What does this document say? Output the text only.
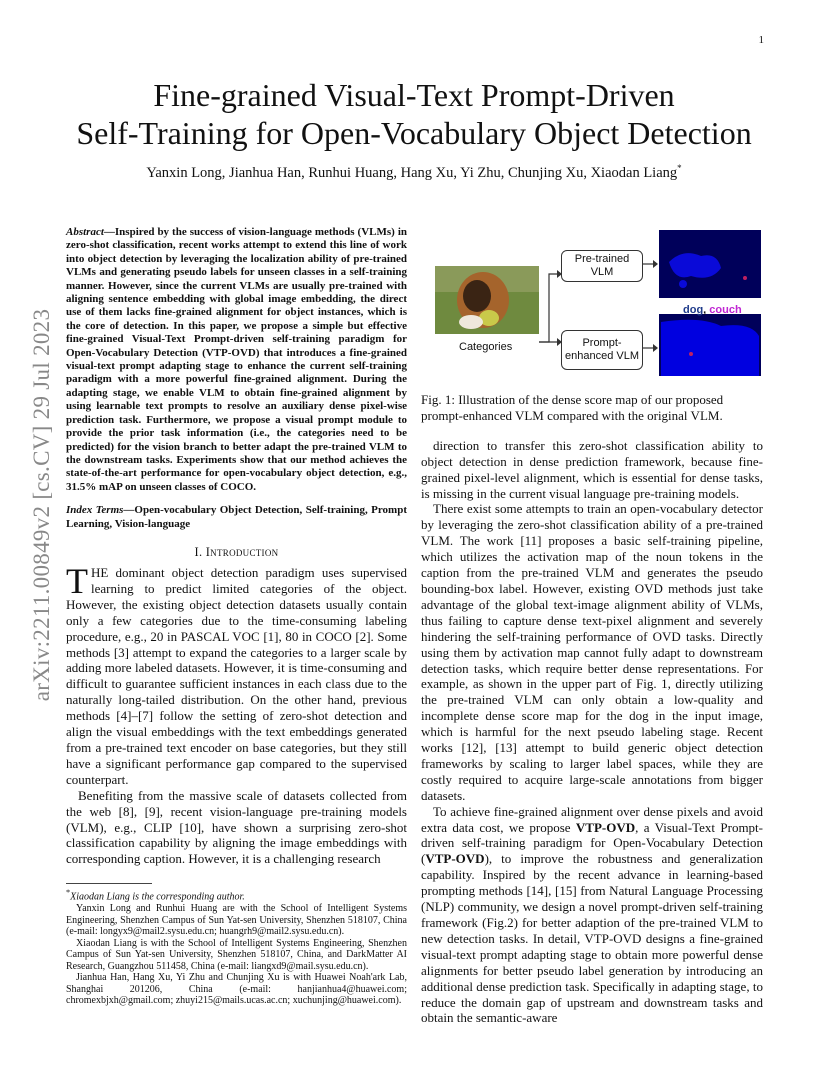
1
arXiv:2211.00849v2 [cs.CV] 29 Jul 2023
Fine-grained Visual-Text Prompt-Driven
Self-Training for Open-Vocabulary Object Detection
Yanxin Long, Jianhua Han, Runhui Huang, Hang Xu, Yi Zhu, Chunjing Xu, Xiaodan Liang*

Abstract—Inspired by the success of vision-language methods (VLMs) in zero-shot classification, recent works attempt to extend this line of work into object detection by leveraging the localization ability of pre-trained VLMs and generating pseudo labels for unseen classes in a self-training manner. However, since the current VLMs are usually pre-trained with aligning sentence embedding with global image embedding, the direct use of them lacks fine-grained alignment for object instances, which is the core of detection. In this paper, we propose a simple but effective fine-grained Visual-Text Prompt-driven self-training paradigm for Open-Vocabulary Detection (VTP-OVD) that introduces a fine-grained visual-text prompt adapting stage to enhance the current self-training paradigm with a more powerful fine-grained alignment. During the adapting stage, we enable VLM to obtain fine-grained alignment by using learnable text prompts to resolve an auxiliary dense pixel-wise prediction task. Furthermore, we propose a visual prompt module to provide the prior task information (i.e., the categories need to be predicted) for the vision branch to better adapt the pre-trained VLM to the downstream tasks. Experiments show that our method achieves the state-of-the-art performance for open-vocabulary object detection, e.g., 31.5% mAP on unseen classes of COCO.

Index Terms—Open-vocabulary Object Detection, Self-training, Prompt Learning, Vision-language

I. Introduction

THE dominant object detection paradigm uses supervised learning to predict limited categories of the object. However, the existing object detection datasets usually contain only a few categories due to the time-consuming labeling procedure, e.g., 20 in PASCAL VOC [1], 80 in COCO [2]. Some methods [3] attempt to expand the categories to a larger scale by adding more labeled datasets. However, it is time-consuming and difficult to guarantee sufficient instances in each class due to the naturally long-tailed distribution. On the other hand, previous methods [4]–[7] follow the setting of zero-shot detection and align the visual embeddings with the text embeddings generated from a pre-trained text encoder on base categories, but they still have a significant performance gap compared to the supervised counterpart.

Benefiting from the massive scale of datasets collected from the web [8], [9], recent vision-language pre-training models (VLM), e.g., CLIP [10], have shown a surprising zero-shot classification capability by aligning the image embeddings with corresponding caption. However, it is a challenging research

*Xiaodan Liang is the corresponding author.

Yanxin Long and Runhui Huang are with the School of Intelligent Systems Engineering, Shenzhen Campus of Sun Yat-sen University, Shenzhen 518107, China (e-mail: longyx9@mail2.sysu.edu.cn; huangrh9@mail2.sysu.edu.cn).

Xiaodan Liang is with the School of Intelligent Systems Engineering, Shenzhen Campus of Sun Yat-sen University, Shenzhen 518107, China, and DarkMatter AI Research, Guangzhou 511458, China (e-mail: liangxd9@mail.sysu.edu.cn).

Jianhua Han, Hang Xu, Yi Zhu and Chunjing Xu is with Huawei Noah'ark Lab, Shanghai 201206, China (e-mail: hanjianhua4@huawei.com; chromexbjxh@gmail.com; zhuyi215@mails.ucas.ac.cn; xuchunjing@huawei.com).

Pre-trained VLM
Prompt-enhanced VLM
Categories
dog, couch

Fig. 1: Illustration of the dense score map of our proposed prompt-enhanced VLM compared with the original VLM.

direction to transfer this zero-shot classification ability to object detection in dense prediction framework, because fine-grained pixel-level alignment, which is essential for dense tasks, is missing in the current visual language pre-training models.

There exist some attempts to train an open-vocabulary detector by leveraging the zero-shot classification ability of a pre-trained VLM. The work [11] proposes a basic self-training pipeline, which utilizes the activation map of the noun tokens in the caption from the pre-trained VLM and generates the pseudo bounding-box label. However, existing OVD methods just take advantage of the global text-image alignment ability of VLMs, thus failing to capture dense text-pixel alignment and severely hindering the self-training performance of OVD tasks. Directly using them by activation map cannot fully adapt to downstream detection tasks, which require better dense representations. For example, as shown in the upper part of Fig. 1, directly utilizing the pre-trained VLM can only obtain a low-quality and incomplete dense score map for the dog in the input image, which is harmful for the next pseudo labeling stage. Recent works [12], [13] attempt to build generic object detection frameworks by scaling to larger label spaces, while they are costly required to acquire large-scale annotations from bigger datasets.

To achieve fine-grained alignment over dense pixels and avoid extra data cost, we propose VTP-OVD, a Visual-Text Prompt-driven self-training paradigm for Open-Vocabulary Detection (VTP-OVD), to improve the robustness and generalization capability. Inspired by the recent advance in learning-based prompting methods [14], [15] from Natural Language Processing (NLP) community, we design a novel prompt-driven self-training framework (Fig.2) for better adaption of the pre-trained VLM to new detection tasks. In detail, VTP-OVD designs a fine-grained visual-text prompt adapting stage to obtain more powerful dense alignments for better pseudo label generation by introducing an additional dense prediction task. Specifically in adapting stage, to reduce the domain gap of upstream and downstream tasks and obtain the semantic-aware
